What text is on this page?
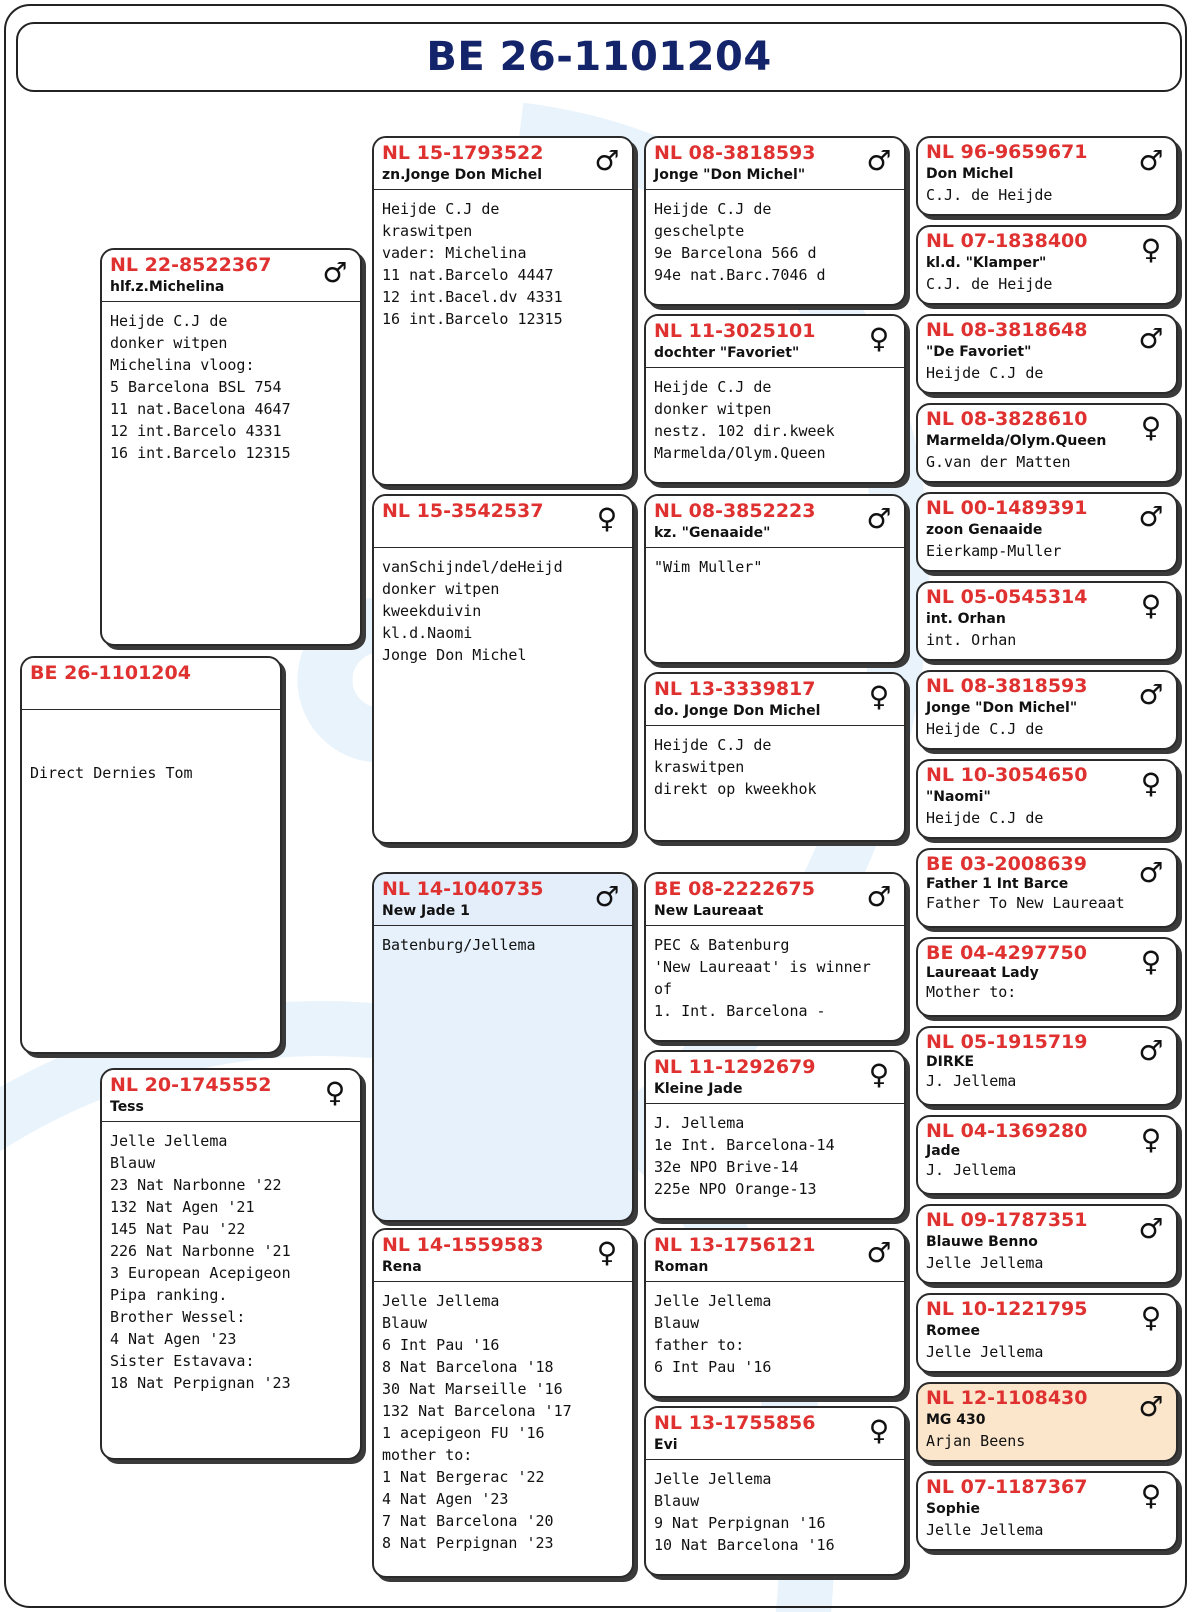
BE 26-1101204
BE 26-1101204

Direct Dernies Tom

NL 22-8522367
hlf.z.Michelina	♂
Heijde C.J de
donker witpen
Michelina vloog:
5 Barcelona BSL 754
11 nat.Bacelona 4647
12 int.Barcelo 4331
16 int.Barcelo 12315
NL 20-1745552
Tess	♀
Jelle Jellema
Blauw
23 Nat Narbonne '22
132 Nat Agen '21
145 Nat Pau '22
226 Nat Narbonne '21
3 European Acepigeon
Pipa ranking.
Brother Wessel:
4 Nat Agen '23
Sister Estavava:
18 Nat Perpignan '23
NL 15-1793522
zn.Jonge Don Michel ♂
Heijde C.J de
kraswitpen
vader: Michelina
11 nat.Barcelo 4447
12 int.Bacel.dv 4331
16 int.Barcelo 12315
NL 15-3542537 ♀
vanSchijndel/deHeijd
donker witpen
kweekduivin
kl.d.Naomi
Jonge Don Michel
NL 14-1040735
New Jade 1	♂
Batenburg/Jellema
NL 14-1559583
Rena	♀
Jelle Jellema
Blauw
6 Int Pau '16
8 Nat Barcelona '18
30 Nat Marseille '16
132 Nat Barcelona '17
1 acepigeon FU '16
mother to:
1 Nat Bergerac '22
4 Nat Agen '23
7 Nat Barcelona '20
8 Nat Perpignan '23
NL 08-3818593
Jonge "Don Michel" ♂
Heijde C.J de
geschelpte
9e Barcelona 566 d
94e nat.Barc.7046 d
NL 11-3025101
dochter "Favoriet" ♀
Heijde C.J de
donker witpen
nestz. 102 dir.kweek
Marmelda/Olym.Queen
NL 08-3852223
kz. "Genaaide"	♂
"Wim Muller"
NL 13-3339817
do. Jonge Don Michel ♀
Heijde C.J de
kraswitpen
direkt op kweekhok
BE 08-2222675
New Laureaat	♂
PEC & Batenburg
'New Laureaat' is winner
of
1. Int. Barcelona -
NL 11-1292679
Kleine Jade	♀
J. Jellema
1e Int. Barcelona-14
32e NPO Brive-14
225e NPO Orange-13
NL 13-1756121
Roman	♂
Jelle Jellema
Blauw
father to:
6 Int Pau '16
NL 13-1755856
Evi	♀
Jelle Jellema
Blauw
9 Nat Perpignan '16
10 Nat Barcelona '16
NL 96-9659671
Don Michel	♂
C.J. de Heijde
NL 07-1838400
kl.d. "Klamper"	♀
C.J. de Heijde
NL 08-3818648
"De Favoriet"	♂
Heijde C.J de
NL 08-3828610
Marmelda/Olym.Queen ♀
G.van der Matten
NL 00-1489391
zoon Genaaide	♂
Eierkamp-Muller
NL 05-0545314
int. Orhan	♀
int. Orhan
NL 08-3818593
Jonge "Don Michel" ♂
Heijde C.J de
NL 10-3054650
"Naomi"	♀
Heijde C.J de
BE 03-2008639
Father 1 Int Barce	♂
Father To New Laureaat
BE 04-4297750
Laureaat Lady	♀
Mother to:
NL 05-1915719
DIRKE	♂
J. Jellema
NL 04-1369280
Jade	♀
J. Jellema
NL 09-1787351
Blauwe Benno	♂
Jelle Jellema
NL 10-1221795
Romee	♀
Jelle Jellema
NL 12-1108430
MG 430	♂
Arjan Beens
NL 07-1187367
Sophie	♀
Jelle Jellema
